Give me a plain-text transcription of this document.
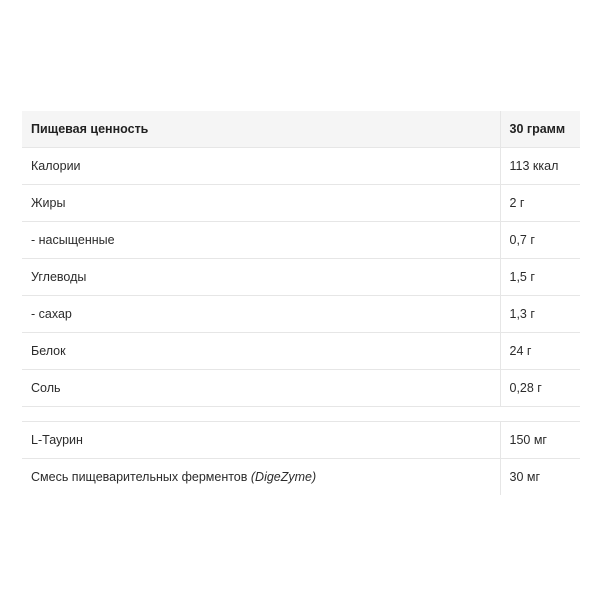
Пищевая ценность	30 грамм
Калории	113 ккал
Жиры	2 г
- насыщенные	0,7 г
Углеводы	1,5 г
- сахар	1,3 г
Белок	24 г
Соль	0,28 г

L-Таурин	150 мг
Смесь пищеварительных ферментов (DigeZyme)	30 мг
